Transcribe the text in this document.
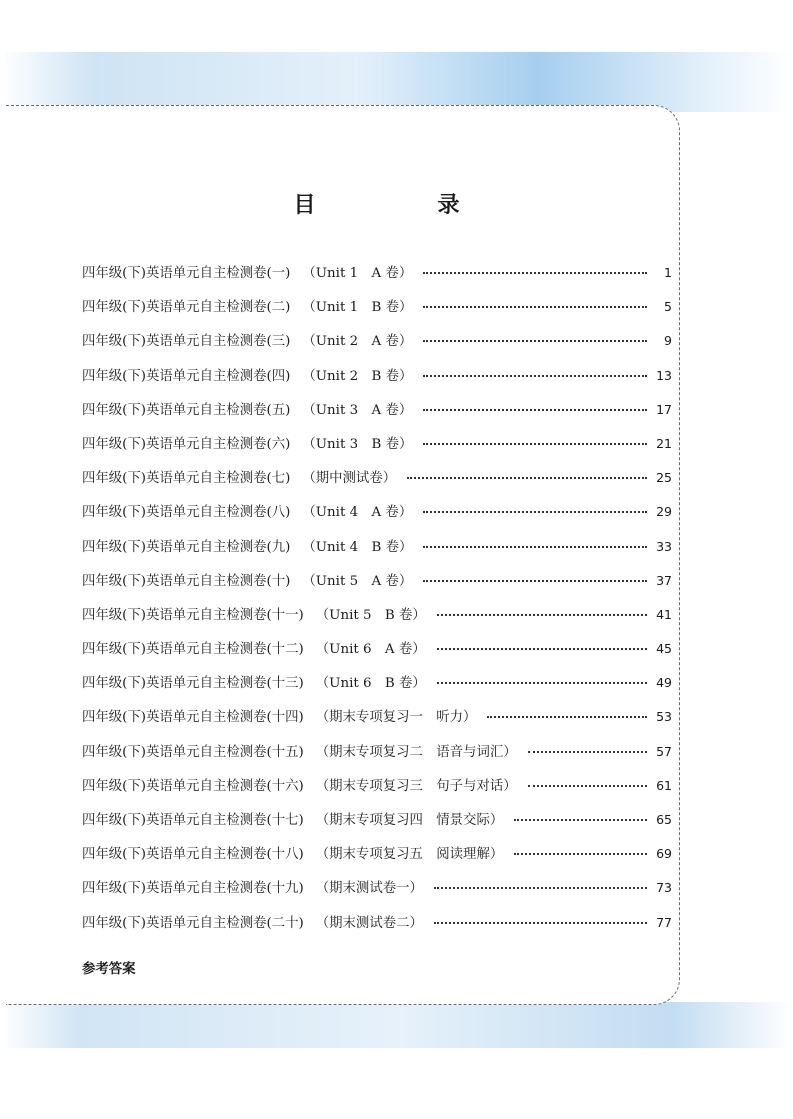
目　录
四年级(下)英语单元自主检测卷(一) （Unit 1　A 卷）	1
四年级(下)英语单元自主检测卷(二) （Unit 1　B 卷）	5
四年级(下)英语单元自主检测卷(三) （Unit 2　A 卷）	9
四年级(下)英语单元自主检测卷(四) （Unit 2　B 卷）	13
四年级(下)英语单元自主检测卷(五) （Unit 3　A 卷）	17
四年级(下)英语单元自主检测卷(六) （Unit 3　B 卷）	21
四年级(下)英语单元自主检测卷(七) （期中测试卷）	25
四年级(下)英语单元自主检测卷(八) （Unit 4　A 卷）	29
四年级(下)英语单元自主检测卷(九) （Unit 4　B 卷）	33
四年级(下)英语单元自主检测卷(十) （Unit 5　A 卷）	37
四年级(下)英语单元自主检测卷(十一) （Unit 5　B 卷）	41
四年级(下)英语单元自主检测卷(十二) （Unit 6　A 卷）	45
四年级(下)英语单元自主检测卷(十三) （Unit 6　B 卷）	49
四年级(下)英语单元自主检测卷(十四) （期末专项复习一　听力）	53
四年级(下)英语单元自主检测卷(十五) （期末专项复习二　语音与词汇）	57
四年级(下)英语单元自主检测卷(十六) （期末专项复习三　句子与对话）	61
四年级(下)英语单元自主检测卷(十七) （期末专项复习四　情景交际）	65
四年级(下)英语单元自主检测卷(十八) （期末专项复习五　阅读理解）	69
四年级(下)英语单元自主检测卷(十九) （期末测试卷一）	73
四年级(下)英语单元自主检测卷(二十) （期末测试卷二）	77

参考答案
